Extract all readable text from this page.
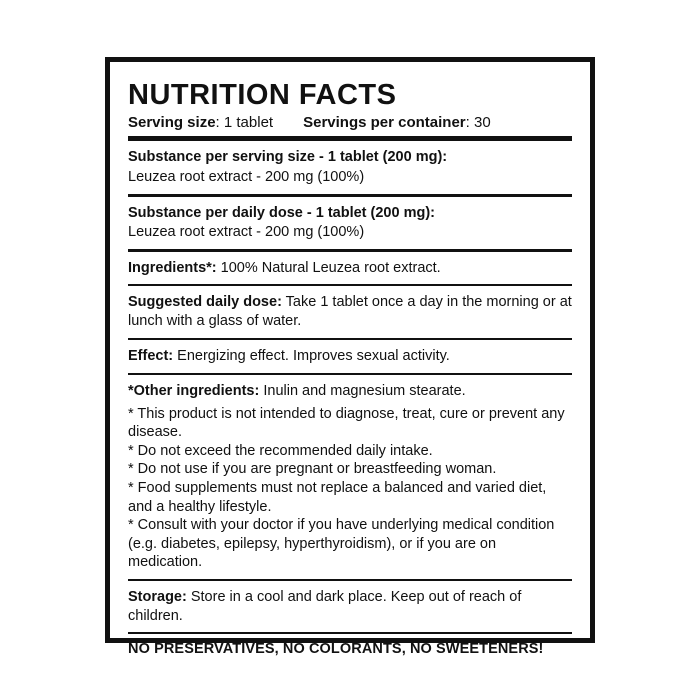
NUTRITION FACTS
Serving size: 1 tablet Servings per container: 30
Substance per serving size - 1 tablet (200 mg):
Leuzea root extract - 200 mg (100%)
Substance per daily dose - 1 tablet (200 mg):
Leuzea root extract - 200 mg (100%)
Ingredients*: 100% Natural Leuzea root extract.
Suggested daily dose: Take 1 tablet once a day in the morning or at lunch with a glass of water.
Effect: Energizing effect. Improves sexual activity.
*Other ingredients: Inulin and magnesium stearate.
* This product is not intended to diagnose, treat, cure or prevent any disease.
* Do not exceed the recommended daily intake.
* Do not use if you are pregnant or breastfeeding woman.
* Food supplements must not replace a balanced and varied diet, and a healthy lifestyle.
* Consult with your doctor if you have underlying medical condition (e.g. diabetes, epilepsy, hyperthyroidism), or if you are on medication.
Storage: Store in a cool and dark place. Keep out of reach of children.
NO PRESERVATIVES, NO COLORANTS, NO SWEETENERS!
